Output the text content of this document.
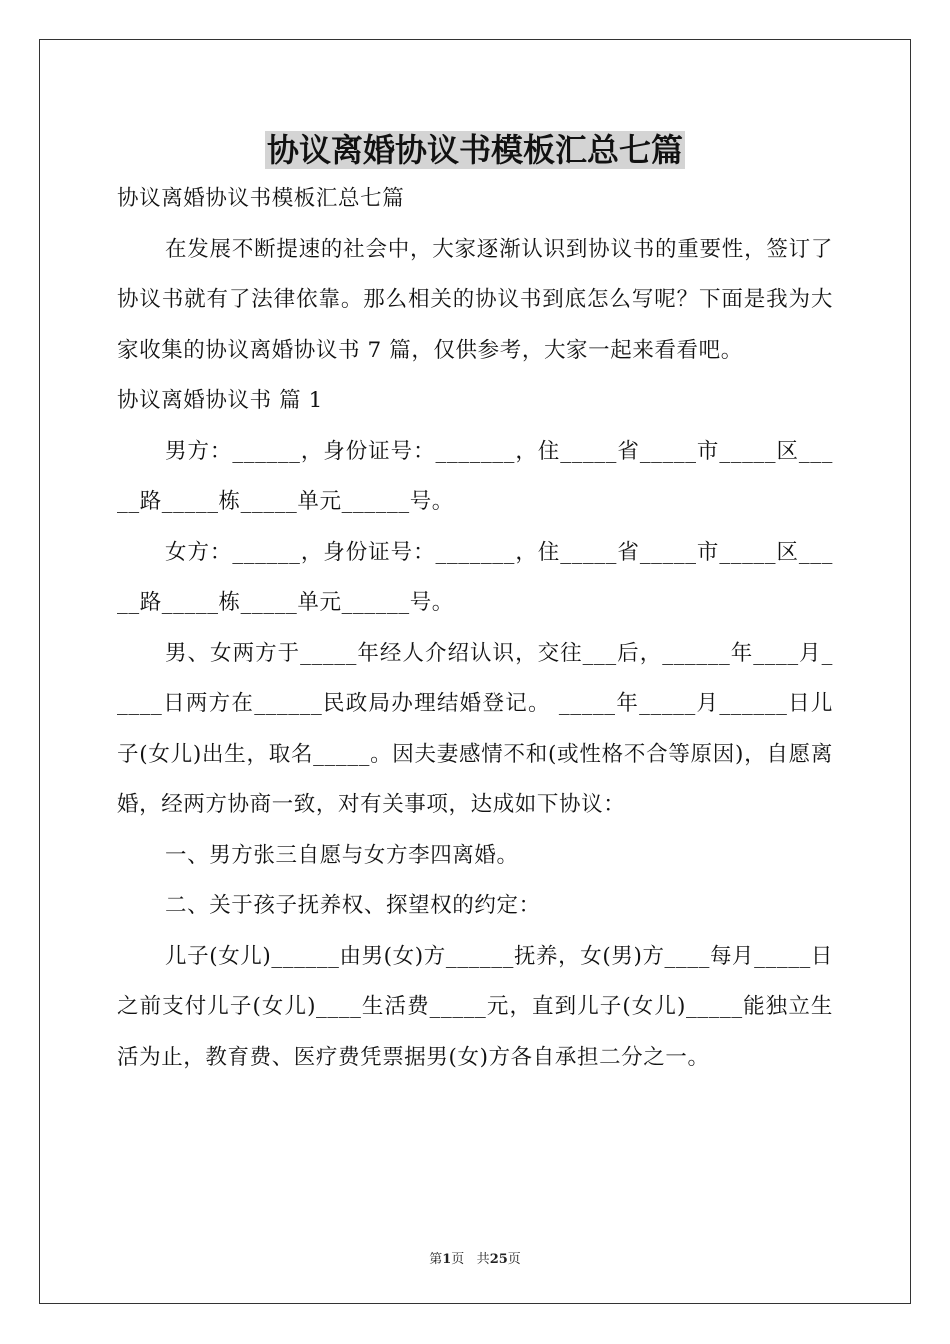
协议离婚协议书模板汇总七篇

协议离婚协议书模板汇总七篇

在发展不断提速的社会中，大家逐渐认识到协议书的重要性，签订了协议书就有了法律依靠。那么相关的协议书到底怎么写呢？下面是我为大家收集的协议离婚协议书 7 篇，仅供参考，大家一起来看看吧。

协议离婚协议书 篇 1

男方：______，身份证号：_______，住_____省_____市_____区_____路_____栋_____单元______号。

女方：______，身份证号：_______，住_____省_____市_____区_____路_____栋_____单元______号。

男、女两方于_____年经人介绍认识，交往___后，______年____月_____日两方在______民政局办理结婚登记。 _____年_____月______日儿子(女儿)出生，取名_____。因夫妻感情不和(或性格不合等原因)，自愿离婚，经两方协商一致，对有关事项，达成如下协议：

一、男方张三自愿与女方李四离婚。

二、关于孩子抚养权、探望权的约定：

儿子(女儿)______由男(女)方______抚养，女(男)方____每月_____日之前支付儿子(女儿)____生活费_____元，直到儿子(女儿)_____能独立生活为止，教育费、医疗费凭票据男(女)方各自承担二分之一。

第1页 共25页
